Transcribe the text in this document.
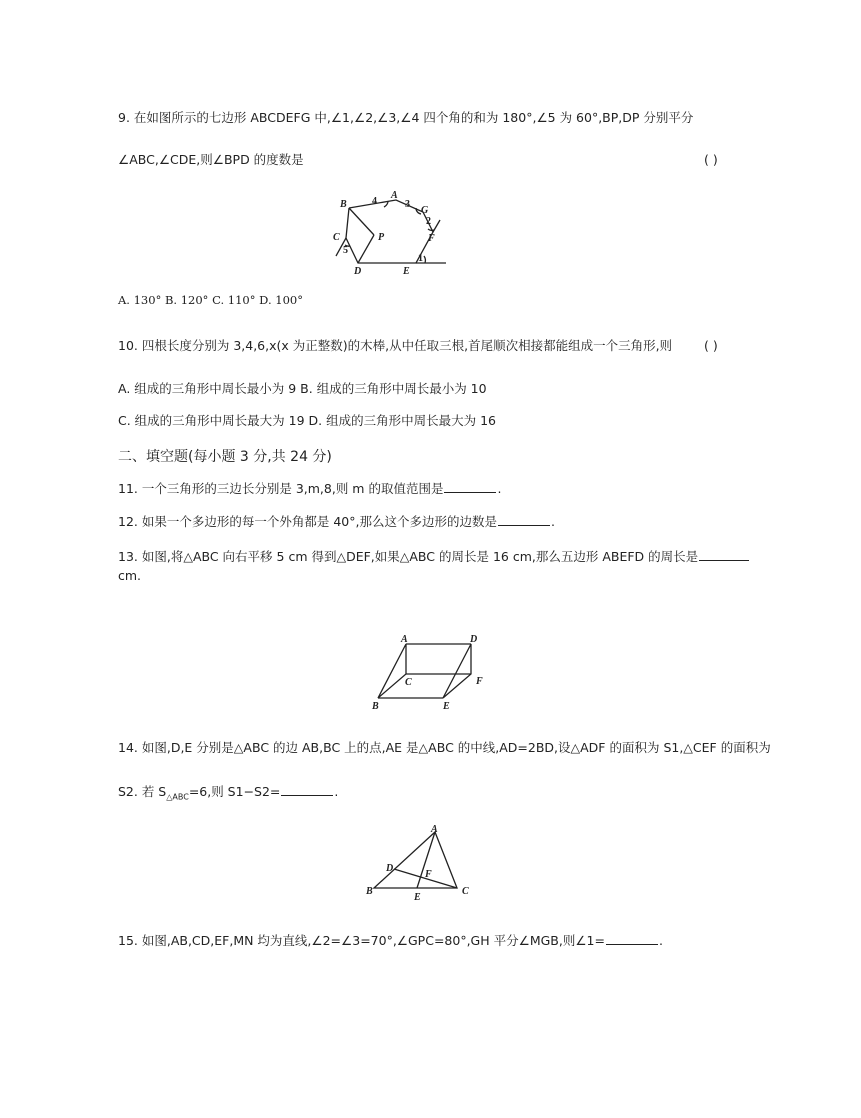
9. 在如图所示的七边形 ABCDEFG 中,∠1,∠2,∠3,∠4 四个角的和为 180°,∠5 为 60°,BP,DP 分别平分
∠ABC,∠CDE,则∠BPD 的度数是	( )
B	4
A
3
G
2
F
C
5
P
D	E
1
A. 130° B. 120° C. 110° D. 100°
10. 四根长度分别为 3,4,6,x(x 为正整数)的木棒,从中任取三根,首尾顺次相接都能组成一个三角形,则	( )
A. 组成的三角形中周长最小为 9 B. 组成的三角形中周长最小为 10
C. 组成的三角形中周长最大为 19 D. 组成的三角形中周长最大为 16
二、填空题(每小题 3 分,共 24 分)
11. 一个三角形的三边长分别是 3,m,8,则 m 的取值范围是	.
12. 如果一个多边形的每一个外角都是 40°,那么这个多边形的边数是	.
13. 如图,将△ABC 向右平移 5 cm 得到△DEF,如果△ABC 的周长是 16 cm,那么五边形 ABEFD 的周长是
cm.
A	D
C	F
B	E
14. 如图,D,E 分别是△ABC 的边 AB,BC 上的点,AE 是△ABC 的中线,AD=2BD,设△ADF 的面积为 S1,△CEF 的面积为
S2. 若 $S_{\triangle ABC}=6$,则 S1−S2=	.
A
D
F
B
E
C
15. 如图,AB,CD,EF,MN 均为直线,∠2=∠3=70°,∠GPC=80°,GH 平分∠MGB,则∠1=	.
